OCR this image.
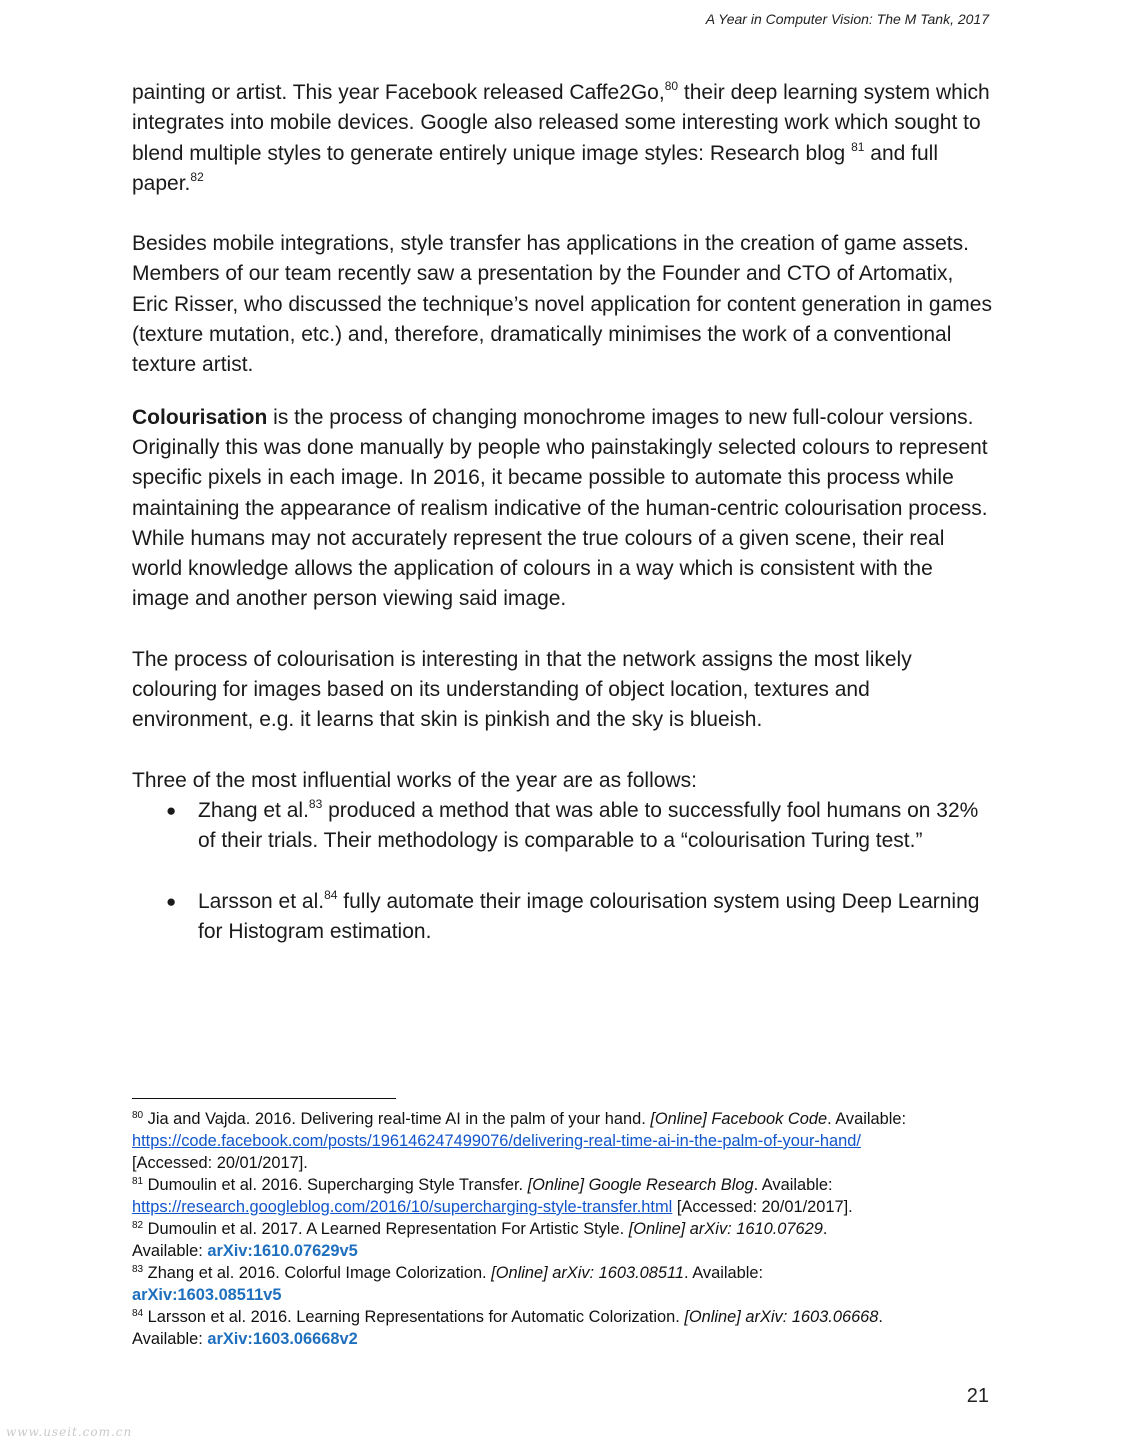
A Year in Computer Vision: The M Tank, 2017

painting or artist. This year Facebook released Caffe2Go,$^{80}$ their deep learning system which integrates into mobile devices. Google also released some interesting work which sought to blend multiple styles to generate entirely unique image styles: Research blog $^{81}$ and full paper.$^{82}$

Besides mobile integrations, style transfer has applications in the creation of game assets. Members of our team recently saw a presentation by the Founder and CTO of Artomatix, Eric Risser, who discussed the technique’s novel application for content generation in games (texture mutation, etc.) and, therefore, dramatically minimises the work of a conventional texture artist.

Colourisation is the process of changing monochrome images to new full-colour versions. Originally this was done manually by people who painstakingly selected colours to represent specific pixels in each image. In 2016, it became possible to automate this process while maintaining the appearance of realism indicative of the human-centric colourisation process. While humans may not accurately represent the true colours of a given scene, their real world knowledge allows the application of colours in a way which is consistent with the image and another person viewing said image.

The process of colourisation is interesting in that the network assigns the most likely colouring for images based on its understanding of object location, textures and environment, e.g. it learns that skin is pinkish and the sky is blueish.

Three of the most influential works of the year are as follows:

● Zhang et al.$^{83}$ produced a method that was able to successfully fool humans on 32% of their trials. Their methodology is comparable to a “colourisation Turing test.”
● Larsson et al.$^{84}$ fully automate their image colourisation system using Deep Learning for Histogram estimation.

$^{80}$ Jia and Vajda. 2016. Delivering real-time AI in the palm of your hand. [Online] Facebook Code. Available:
https://code.facebook.com/posts/196146247499076/delivering-real-time-ai-in-the-palm-of-your-hand/
[Accessed: 20/01/2017].

$^{81}$ Dumoulin et al. 2016. Supercharging Style Transfer. [Online] Google Research Blog. Available:
https://research.googleblog.com/2016/10/supercharging-style-transfer.html [Accessed: 20/01/2017].

$^{82}$ Dumoulin et al. 2017. A Learned Representation For Artistic Style. [Online] arXiv: 1610.07629.
Available: arXiv:1610.07629v5

$^{83}$ Zhang et al. 2016. Colorful Image Colorization. [Online] arXiv: 1603.08511. Available:
arXiv:1603.08511v5

$^{84}$ Larsson et al. 2016. Learning Representations for Automatic Colorization. [Online] arXiv: 1603.06668.
Available: arXiv:1603.06668v2

21
www.useit.com.cn
